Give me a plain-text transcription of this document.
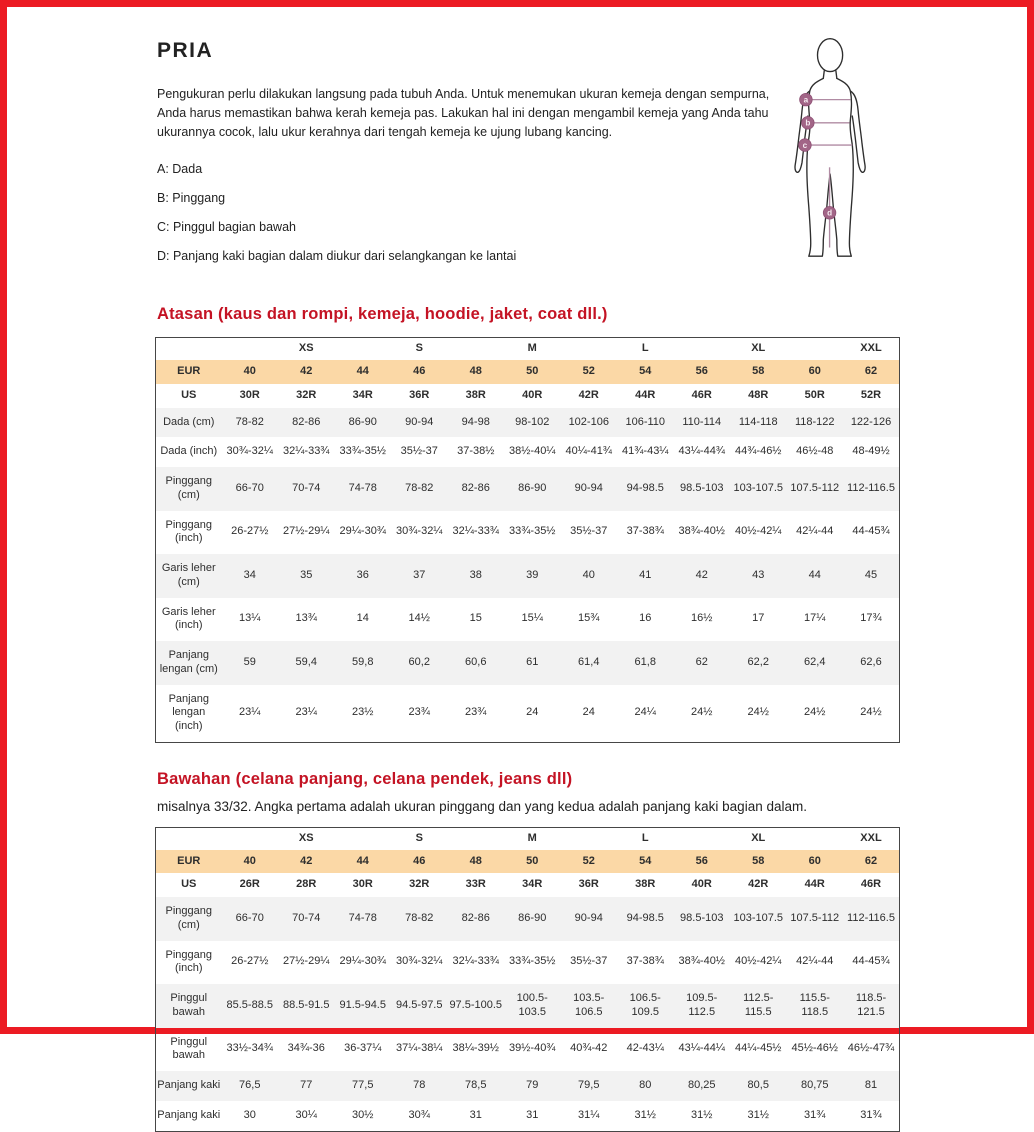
PRIA

Pengukuran perlu dilakukan langsung pada tubuh Anda. Untuk menemukan ukuran kemeja dengan sempurna, Anda harus memastikan bahwa kerah kemeja pas. Lakukan hal ini dengan mengambil kemeja yang Anda tahu ukurannya cocok, lalu ukur kerahnya dari tengah kemeja ke ujung lubang kancing.

A: Dada

B: Pinggang

C: Pinggul bagian bawah

D: Panjang kaki bagian dalam diukur dari selangkangan ke lantai

a
b
c
d
Atasan (kaus dan rompi, kemeja, hoodie, jaket, coat dll.)
		XS		S		M		L		XL		XXL
EUR	40	42	44	46	48	50	52	54	56	58	60	62
US	30R	32R	34R	36R	38R	40R	42R	44R	46R	48R	50R	52R
Dada (cm)	78-82	82-86	86-90	90-94	94-98	98-102	102-106	106-110	110-114	114-118	118-122	122-126
Dada (inch)	30¾-32¼	32¼-33¾	33¾-35½	35½-37	37-38½	38½-40¼	40¼-41¾	41¾-43¼	43¼-44¾	44¾-46½	46½-48	48-49½
Pinggang (cm)	66-70	70-74	74-78	78-82	82-86	86-90	90-94	94-98.5	98.5-103	103-107.5	107.5-112	112-116.5
Pinggang (inch)	26-27½	27½-29¼	29¼-30¾	30¾-32¼	32¼-33¾	33¾-35½	35½-37	37-38¾	38¾-40½	40½-42¼	42¼-44	44-45¾
Garis leher (cm)	34	35	36	37	38	39	40	41	42	43	44	45
Garis leher (inch)	13¼	13¾	14	14½	15	15¼	15¾	16	16½	17	17¼	17¾
Panjang lengan (cm)	59	59,4	59,8	60,2	60,6	61	61,4	61,8	62	62,2	62,4	62,6
Panjang lengan (inch)	23¼	23¼	23½	23¾	23¾	24	24	24¼	24½	24½	24½	24½
Bawahan (celana panjang, celana pendek, jeans dll)

misalnya 33/32. Angka pertama adalah ukuran pinggang dan yang kedua adalah panjang kaki bagian dalam.

		XS		S		M		L		XL		XXL
EUR	40	42	44	46	48	50	52	54	56	58	60	62
US	26R	28R	30R	32R	33R	34R	36R	38R	40R	42R	44R	46R
Pinggang (cm)	66-70	70-74	74-78	78-82	82-86	86-90	90-94	94-98.5	98.5-103	103-107.5	107.5-112	112-116.5
Pinggang (inch)	26-27½	27½-29¼	29¼-30¾	30¾-32¼	32¼-33¾	33¾-35½	35½-37	37-38¾	38¾-40½	40½-42¼	42¼-44	44-45¾
Pinggul bawah	85.5-88.5	88.5-91.5	91.5-94.5	94.5-97.5	97.5-100.5	100.5-103.5	103.5-106.5	106.5-109.5	109.5-112.5	112.5-115.5	115.5-118.5	118.5-121.5
Pinggul bawah	33½-34¾	34¾-36	36-37¼	37¼-38¼	38¼-39½	39½-40¾	40¾-42	42-43¼	43¼-44¼	44¼-45½	45½-46½	46½-47¾
Panjang kaki	76,5	77	77,5	78	78,5	79	79,5	80	80,25	80,5	80,75	81
Panjang kaki	30	30¼	30½	30¾	31	31	31¼	31½	31½	31½	31¾	31¾
